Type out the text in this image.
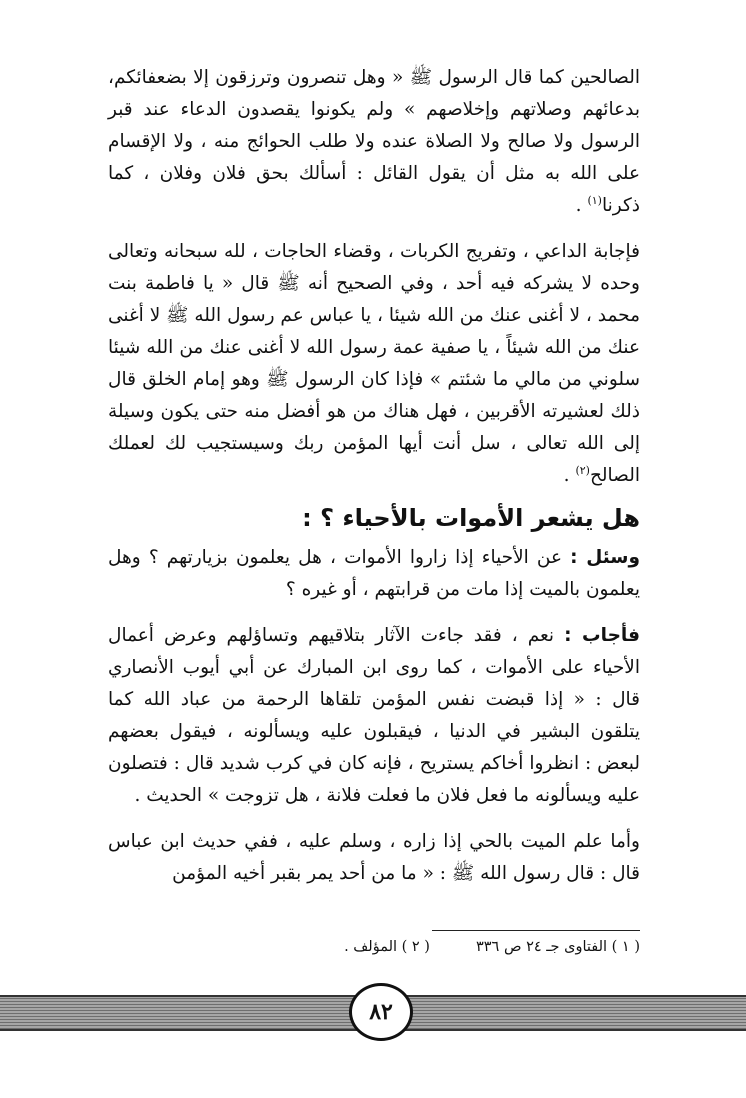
الصالحين كما قال الرسول ﷺ « وهل تنصرون وترزقون إلا بضعفائكم، بدعائهم وصلاتهم وإخلاصهم » ولم يكونوا يقصدون الدعاء عند قبر الرسول ولا صالح ولا الصلاة عنده ولا طلب الحوائج منه ، ولا الإقسام على الله به مثل أن يقول القائل : أسألك بحق فلان وفلان ، كما ذكرنا$^{(١)}$ .

فإجابة الداعي ، وتفريج الكربات ، وقضاء الحاجات ، لله سبحانه وتعالى وحده لا يشركه فيه أحد ، وفي الصحيح أنه ﷺ قال « يا فاطمة بنت محمد ، لا أغنى عنك من الله شيئا ، يا عباس عم رسول الله ﷺ لا أغنى عنك من الله شيئاً ، يا صفية عمة رسول الله لا أغنى عنك من الله شيئا سلوني من مالي ما شئتم » فإذا كان الرسول ﷺ وهو إمام الخلق قال ذلك لعشيرته الأقربين ، فهل هناك من هو أفضل منه حتى يكون وسيلة إلى الله تعالى ، سل أنت أيها المؤمن ربك وسيستجيب لك لعملك الصالح$^{(٢)}$ .

هل يشعر الأموات بالأحياء ؟ :

وسئل : عن الأحياء إذا زاروا الأموات ، هل يعلمون بزيارتهم ؟ وهل يعلمون بالميت إذا مات من قرابتهم ، أو غيره ؟

فأجاب : نعم ، فقد جاءت الآثار بتلاقيهم وتساؤلهم وعرض أعمال الأحياء على الأموات ، كما روى ابن المبارك عن أبي أيوب الأنصاري قال : « إذا قبضت نفس المؤمن تلقاها الرحمة من عباد الله كما يتلقون البشير في الدنيا ، فيقبلون عليه ويسألونه ، فيقول بعضهم لبعض : انظروا أخاكم يستريح ، فإنه كان في كرب شديد قال : فتصلون عليه ويسألونه ما فعل فلان ما فعلت فلانة ، هل تزوجت » الحديث .

وأما علم الميت بالحي إذا زاره ، وسلم عليه ، ففي حديث ابن عباس قال : قال رسول الله ﷺ : « ما من أحد يمر بقبر أخيه المؤمن

( ١ ) الفتاوى جـ ٢٤ ص ٣٣٦
( ٢ ) المؤلف .
٨٢
